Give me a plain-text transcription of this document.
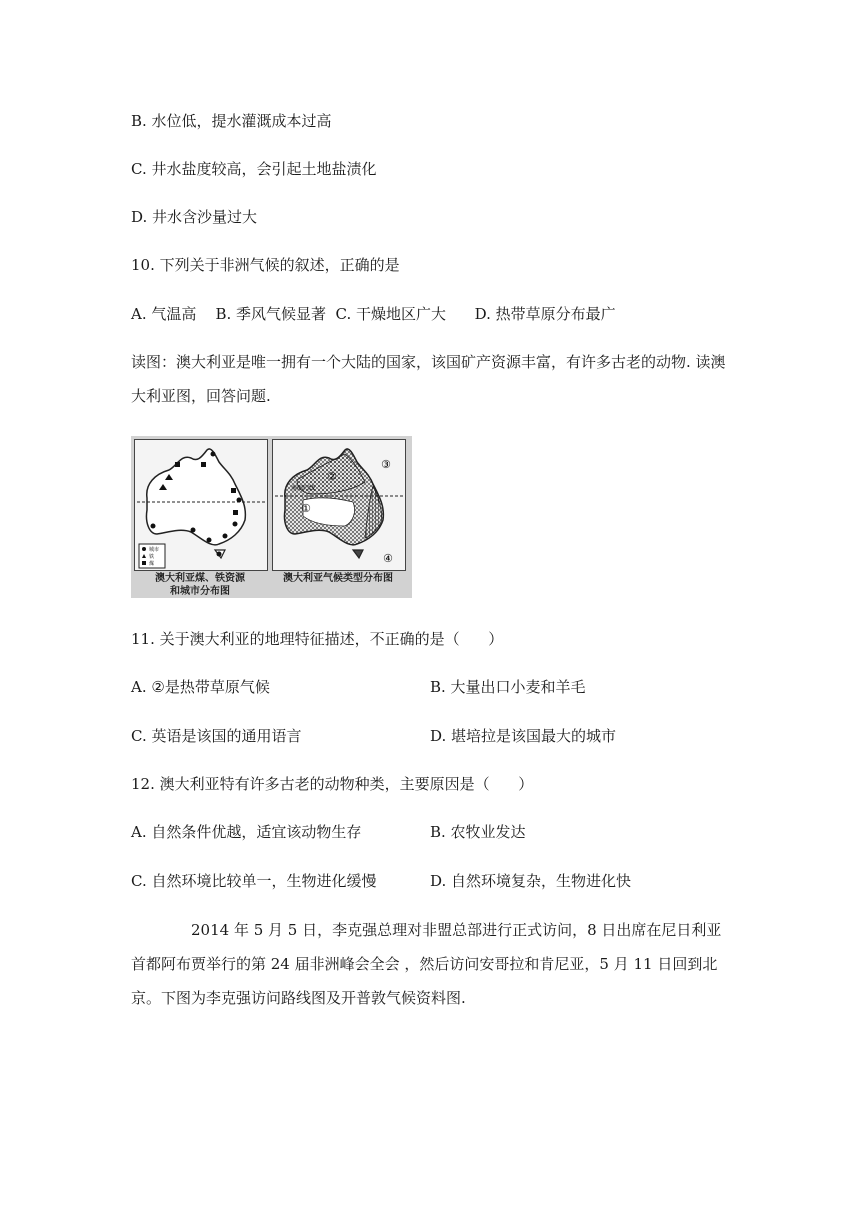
B. 水位低，提水灌溉成本过高
C. 井水盐度较高，会引起土地盐渍化
D. 井水含沙量过大
10. 下列关于非洲气候的叙述，正确的是
A. 气温高    B. 季风气候显著  C. 干燥地区广大      D. 热带草原分布最广
读图：澳大利亚是唯一拥有一个大陆的国家，该国矿产资源丰富，有许多古老的动物. 读澳大利亚图，回答问题.
城市
铁
煤
南回归线
①
②
③
④
澳大利亚煤、铁资源
和城市分布图
澳大利亚气候类型分布图
11. 关于澳大利亚的地理特征描述，不正确的是（      ）
A. ②是热带草原气候	B. 大量出口小麦和羊毛
C. 英语是该国的通用语言	D. 堪培拉是该国最大的城市
12. 澳大利亚特有许多古老的动物种类，主要原因是（      ）
A. 自然条件优越，适宜该动物生存	B. 农牧业发达
C. 自然环境比较单一，生物进化缓慢	D. 自然环境复杂，生物进化快
2014 年 5 月 5 日，李克强总理对非盟总部进行正式访问，8 日出席在尼日利亚首都阿布贾举行的第 24 届非洲峰会全会 ，然后访问安哥拉和肯尼亚，5 月 11 日回到北京。下图为李克强访问路线图及开普敦气候资料图.
